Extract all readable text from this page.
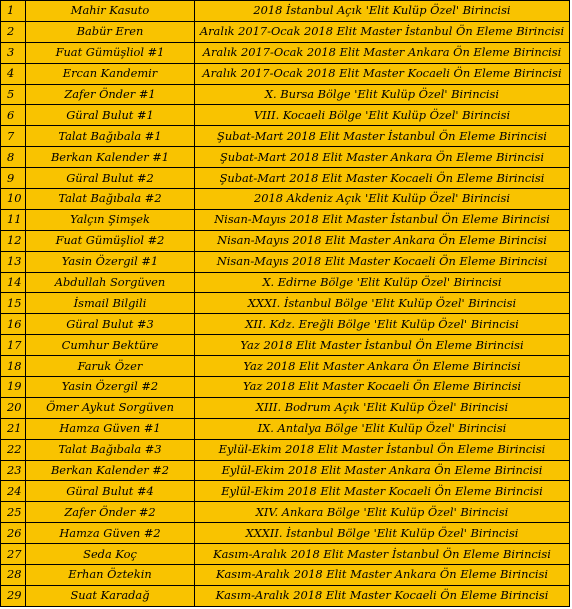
1	Mahir Kasuto	2018 İstanbul Açık 'Elit Kulüp Özel' Birincisi
2	Babür Eren	Aralık 2017-Ocak 2018 Elit Master İstanbul Ön Eleme Birincisi
3	Fuat Gümüşliol #1	Aralık 2017-Ocak 2018 Elit Master Ankara Ön Eleme Birincisi
4	Ercan Kandemir	Aralık 2017-Ocak 2018 Elit Master Kocaeli Ön Eleme Birincisi
5	Zafer Önder #1	X. Bursa Bölge 'Elit Kulüp Özel' Birincisi
6	Güral Bulut #1	VIII. Kocaeli Bölge 'Elit Kulüp Özel' Birincisi
7	Talat Bağıbala #1	Şubat-Mart 2018 Elit Master İstanbul Ön Eleme Birincisi
8	Berkan Kalender #1	Şubat-Mart 2018 Elit Master Ankara Ön Eleme Birincisi
9	Güral Bulut #2	Şubat-Mart 2018 Elit Master Kocaeli Ön Eleme Birincisi
10	Talat Bağıbala #2	2018 Akdeniz Açık 'Elit Kulüp Özel' Birincisi
11	Yalçın Şimşek	Nisan-Mayıs 2018 Elit Master İstanbul Ön Eleme Birincisi
12	Fuat Gümüşliol #2	Nisan-Mayıs 2018 Elit Master Ankara Ön Eleme Birincisi
13	Yasin Özergil #1	Nisan-Mayıs 2018 Elit Master Kocaeli Ön Eleme Birincisi
14	Abdullah Sorgüven	X. Edirne Bölge 'Elit Kulüp Özel' Birincisi
15	İsmail Bilgili	XXXI. İstanbul Bölge 'Elit Kulüp Özel' Birincisi
16	Güral Bulut #3	XII. Kdz. Ereğli Bölge 'Elit Kulüp Özel' Birincisi
17	Cumhur Bektüre	Yaz 2018 Elit Master İstanbul Ön Eleme Birincisi
18	Faruk Özer	Yaz 2018 Elit Master Ankara Ön Eleme Birincisi
19	Yasin Özergil #2	Yaz 2018 Elit Master Kocaeli Ön Eleme Birincisi
20	Ömer Aykut Sorgüven	XIII. Bodrum Açık 'Elit Kulüp Özel' Birincisi
21	Hamza Güven #1	IX. Antalya Bölge 'Elit Kulüp Özel' Birincisi
22	Talat Bağıbala #3	Eylül-Ekim 2018 Elit Master İstanbul Ön Eleme Birincisi
23	Berkan Kalender #2	Eylül-Ekim 2018 Elit Master Ankara Ön Eleme Birincisi
24	Güral Bulut #4	Eylül-Ekim 2018 Elit Master Kocaeli Ön Eleme Birincisi
25	Zafer Önder #2	XIV. Ankara Bölge 'Elit Kulüp Özel' Birincisi
26	Hamza Güven #2	XXXII. İstanbul Bölge 'Elit Kulüp Özel' Birincisi
27	Seda Koç	Kasım-Aralık 2018 Elit Master İstanbul Ön Eleme Birincisi
28	Erhan Öztekin	Kasım-Aralık 2018 Elit Master Ankara Ön Eleme Birincisi
29	Suat Karadağ	Kasım-Aralık 2018 Elit Master Kocaeli Ön Eleme Birincisi
